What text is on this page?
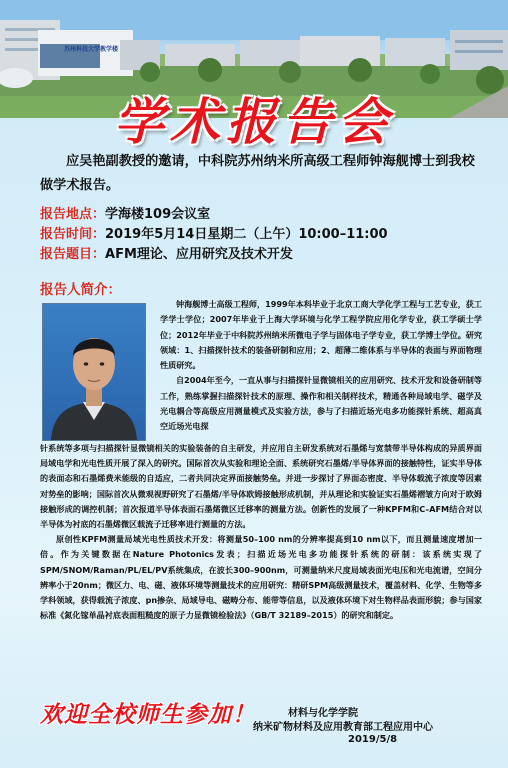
苏州科技大学教学楼
学术报告会
应吴艳副教授的邀请，中科院苏州纳米所高级工程师钟海舰博士到我校做学术报告。
报告地点：学海楼109会议室
报告时间：2019年5月14日星期二（上午）10:00–11:00
报告题目：AFM理论、应用研究及技术开发
报告人简介：

钟海舰博士高级工程师，1999年本科毕业于北京工商大学化学工程与工艺专业，获工学学士学位；2007年毕业于上海大学环境与化学工程学院应用化学专业，获工学硕士学位；2012年毕业于中科院苏州纳米所微电子学与固体电子学专业，获工学博士学位。研究领域：1、扫描探针技术的装备研制和应用；2、超薄二维体系与半导体的表面与界面物理性质研究。

自2004年至今，一直从事与扫描探针显微镜相关的应用研究、技术开发和设备研制等工作，熟练掌握扫描探针技术的原理、操作和相关制样技术，精通各种局域电学、磁学及光电耦合等高级应用测量模式及实验方法，参与了扫描近场光电多功能探针系统、超高真空近场光电探

针系统等多项与扫描探针显微镜相关的实验装备的自主研发，并应用自主研发系统对石墨烯与宽禁带半导体构成的异质界面局域电学和光电性质开展了深入的研究。国际首次从实验和理论全面、系统研究石墨烯/半导体界面的接触特性，证实半导体的表面态和石墨烯费米能级的自适应，二者共同决定界面接触势垒。并进一步探讨了界面态密度、半导体载流子浓度等因素对势垒的影响；国际首次从微观视野研究了石墨烯/半导体欧姆接触形成机制，并从理论和实验证实石墨烯褶皱方向对于欧姆接触形成的调控机制；首次报道半导体表面石墨烯微区迁移率的测量方法。创新性的发展了一种KPFM和C–AFM结合对以半导体为衬底的石墨烯微区载流子迁移率进行测量的方法。

原创性KPFM测量局域光电性质技术开发：将测量50–100 nm的分辨率提高到10 nm以下，而且测量速度增加一倍。作为关键数据在Nature Photonics发表；扫描近场光电多功能探针系统的研制：该系统实现了SPM/SNOM/Raman/PL/EL/PV系统集成，在波长300–900nm，可测量纳米尺度局域表面光电压和光电流谱，空间分辨率小于20nm；微区力、电、磁、液体环境等测量技术的应用研究：精研SPM高级测量技术，覆盖材料、化学、生物等多学科领域，获得载流子浓度、pn掺杂、局域导电、磁畴分布、能带等信息，以及液体环境下对生物样品表面形貌；参与国家标准《氮化镓单晶衬底表面粗糙度的原子力显微镜检验法》（GB/T 32189–2015）的研究和制定。

欢迎全校师生参加！	材料与化学学院
纳米矿物材料及应用教育部工程应用中心
2019/5/8
